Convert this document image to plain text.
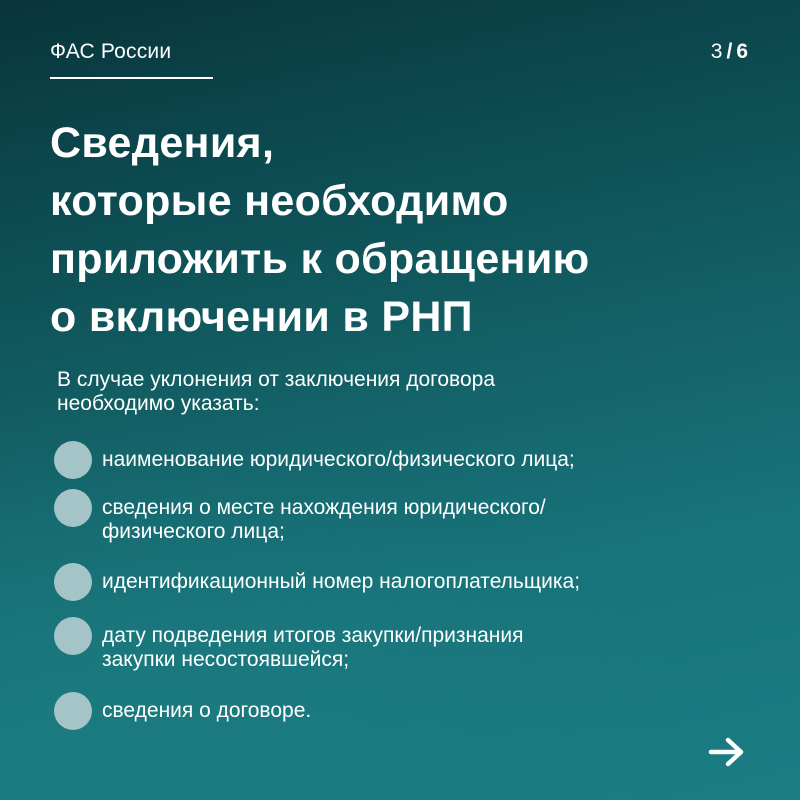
ФАС России	3 / 6
Сведения,
которые необходимо
приложить к обращению
о включении в РНП
В случае уклонения от заключения договора
необходимо указать:
наименование юридического/физического лица;
сведения о месте нахождения юридического/
физического лица;
идентификационный номер налогоплательщика;
дату подведения итогов закупки/признания
закупки несостоявшейся;
сведения о договоре.
